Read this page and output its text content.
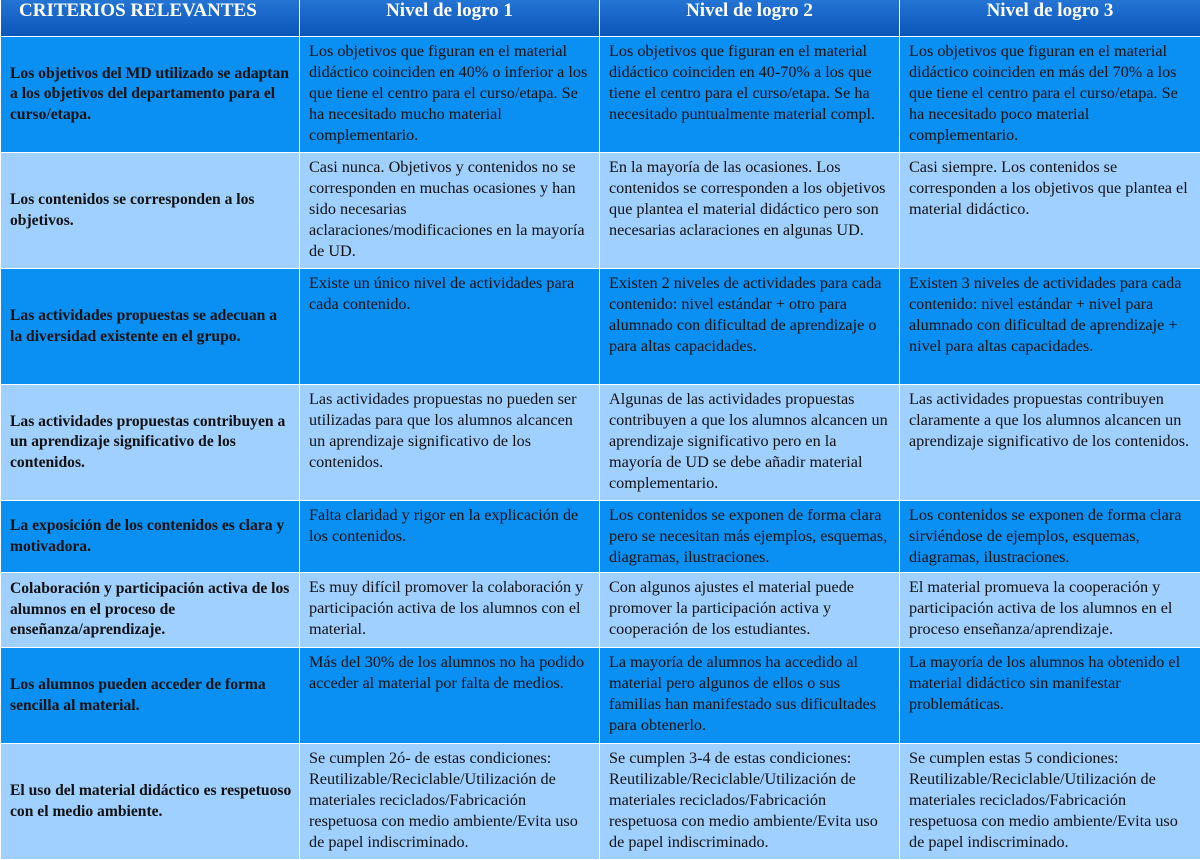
CRITERIOS RELEVANTES	Nivel de logro 1	Nivel de logro 2	Nivel de logro 3
Los objetivos del MD utilizado se adaptan a los objetivos del departamento para el curso/etapa.	Los objetivos que figuran en el material didáctico coinciden en 40% o inferior a los que tiene el centro para el curso/etapa. Se ha necesitado mucho material complementario.	Los objetivos que figuran en el material didáctico coinciden en 40-70% a los que tiene el centro para el curso/etapa. Se ha necesitado puntualmente material compl.	Los objetivos que figuran en el material didáctico coinciden en más del 70% a los que tiene el centro para el curso/etapa. Se ha necesitado poco material complementario.
Los contenidos se corresponden a los objetivos.	Casi nunca. Objetivos y contenidos no se corresponden en muchas ocasiones y han sido necesarias aclaraciones/modificaciones en la mayoría de UD.	En la mayoría de las ocasiones. Los contenidos se corresponden a los objetivos que plantea el material didáctico pero son necesarias aclaraciones en algunas UD.	Casi siempre. Los contenidos se corresponden a los objetivos que plantea el material didáctico.
Las actividades propuestas se adecuan a la diversidad existente en el grupo.	Existe un único nivel de actividades para cada contenido.	Existen 2 niveles de actividades para cada contenido: nivel estándar + otro para alumnado con dificultad de aprendizaje o para altas capacidades.	Existen 3 niveles de actividades para cada contenido: nivel estándar + nivel para alumnado con dificultad de aprendizaje + nivel para altas capacidades.
Las actividades propuestas contribuyen a un aprendizaje significativo de los contenidos.	Las actividades propuestas no pueden ser utilizadas para que los alumnos alcancen un aprendizaje significativo de los contenidos.	Algunas de las actividades propuestas contribuyen a que los alumnos alcancen un aprendizaje significativo pero en la mayoría de UD se debe añadir material complementario.	Las actividades propuestas contribuyen claramente a que los alumnos alcancen un aprendizaje significativo de los contenidos.
La exposición de los contenidos es clara y motivadora.	Falta claridad y rigor en la explicación de los contenidos.	Los contenidos se exponen de forma clara pero se necesitan más ejemplos, esquemas, diagramas, ilustraciones.	Los contenidos se exponen de forma clara sirviéndose de ejemplos, esquemas, diagramas, ilustraciones.
Colaboración y participación activa de los alumnos en el proceso de enseñanza/aprendizaje.	Es muy difícil promover la colaboración y participación activa de los alumnos con el material.	Con algunos ajustes el material puede promover la participación activa y cooperación de los estudiantes.	El material promueva la cooperación y participación activa de los alumnos en el proceso enseñanza/aprendizaje.
Los alumnos pueden acceder de forma sencilla al material.	Más del 30% de los alumnos no ha podido acceder al material por falta de medios.	La mayoría de alumnos ha accedido al material pero algunos de ellos o sus familias han manifestado sus dificultades para obtenerlo.	La mayoría de los alumnos ha obtenido el material didáctico sin manifestar problemáticas.
El uso del material didáctico es respetuoso con el medio ambiente.	Se cumplen 2ó- de estas condiciones: Reutilizable/Reciclable/Utilización de materiales reciclados/Fabricación respetuosa con medio ambiente/Evita uso de papel indiscriminado.	Se cumplen 3-4 de estas condiciones: Reutilizable/Reciclable/Utilización de materiales reciclados/Fabricación respetuosa con medio ambiente/Evita uso de papel indiscriminado.	Se cumplen estas 5 condiciones: Reutilizable/Reciclable/Utilización de materiales reciclados/Fabricación respetuosa con medio ambiente/Evita uso de papel indiscriminado.
